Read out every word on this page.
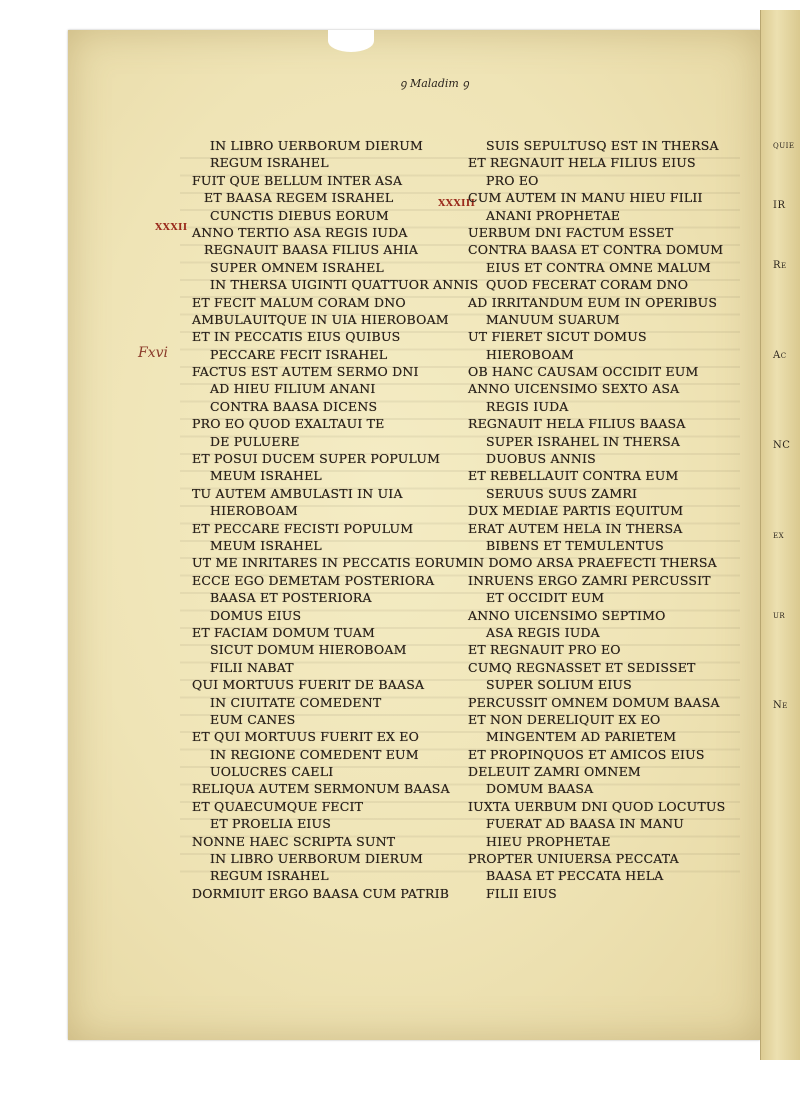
quie
IR
Re
Ac
NC
ex
ur
Ne
ꝯ Maladim ꝯ
XXXII
XXXIII
Fxvi
IN LIBRO UERBORUM DIERUM
REGUM ISRAHEL
FUIT QUE BELLUM INTER ASA
ET BAASA REGEM ISRAHEL
CUNCTIS DIEBUS EORUM
ANNO TERTIO ASA REGIS IUDA
REGNAUIT BAASA FILIUS AHIA
SUPER OMNEM ISRAHEL
IN THERSA UIGINTI QUATTUOR ANNIS
ET FECIT MALUM CORAM DNO
AMBULAUITQUE IN UIA HIEROBOAM
ET IN PECCATIS EIUS QUIBUS
PECCARE FECIT ISRAHEL
FACTUS EST AUTEM SERMO DNI
AD HIEU FILIUM ANANI
CONTRA BAASA DICENS
PRO EO QUOD EXALTAUI TE
DE PULUERE
ET POSUI DUCEM SUPER POPULUM
MEUM ISRAHEL
TU AUTEM AMBULASTI IN UIA
HIEROBOAM
ET PECCARE FECISTI POPULUM
MEUM ISRAHEL
UT ME INRITARES IN PECCATIS EORUM
ECCE EGO DEMETAM POSTERIORA
BAASA ET POSTERIORA
DOMUS EIUS
ET FACIAM DOMUM TUAM
SICUT DOMUM HIEROBOAM
FILII NABAT
QUI MORTUUS FUERIT DE BAASA
IN CIUITATE COMEDENT
EUM CANES
ET QUI MORTUUS FUERIT EX EO
IN REGIONE COMEDENT EUM
UOLUCRES CAELI
RELIQUA AUTEM SERMONUM BAASA
ET QUAECUMQUE FECIT
ET PROELIA EIUS
NONNE HAEC SCRIPTA SUNT
IN LIBRO UERBORUM DIERUM
REGUM ISRAHEL
DORMIUIT ERGO BAASA CUM PATRIB
SUIS SEPULTUSQ EST IN THERSA
ET REGNAUIT HELA FILIUS EIUS
PRO EO
CUM AUTEM IN MANU HIEU FILII
ANANI PROPHETAE
UERBUM DNI FACTUM ESSET
CONTRA BAASA ET CONTRA DOMUM
EIUS ET CONTRA OMNE MALUM
QUOD FECERAT CORAM DNO
AD IRRITANDUM EUM IN OPERIBUS
MANUUM SUARUM
UT FIERET SICUT DOMUS
HIEROBOAM
OB HANC CAUSAM OCCIDIT EUM
ANNO UICENSIMO SEXTO ASA
REGIS IUDA
REGNAUIT HELA FILIUS BAASA
SUPER ISRAHEL IN THERSA
DUOBUS ANNIS
ET REBELLAUIT CONTRA EUM
SERUUS SUUS ZAMRI
DUX MEDIAE PARTIS EQUITUM
ERAT AUTEM HELA IN THERSA
BIBENS ET TEMULENTUS
IN DOMO ARSA PRAEFECTI THERSA
INRUENS ERGO ZAMRI PERCUSSIT
ET OCCIDIT EUM
ANNO UICENSIMO SEPTIMO
ASA REGIS IUDA
ET REGNAUIT PRO EO
CUMQ REGNASSET ET SEDISSET
SUPER SOLIUM EIUS
PERCUSSIT OMNEM DOMUM BAASA
ET NON DERELIQUIT EX EO
MINGENTEM AD PARIETEM
ET PROPINQUOS ET AMICOS EIUS
DELEUIT ZAMRI OMNEM
DOMUM BAASA
IUXTA UERBUM DNI QUOD LOCUTUS
FUERAT AD BAASA IN MANU
HIEU PROPHETAE
PROPTER UNIUERSA PECCATA
BAASA ET PECCATA HELA
FILII EIUS
